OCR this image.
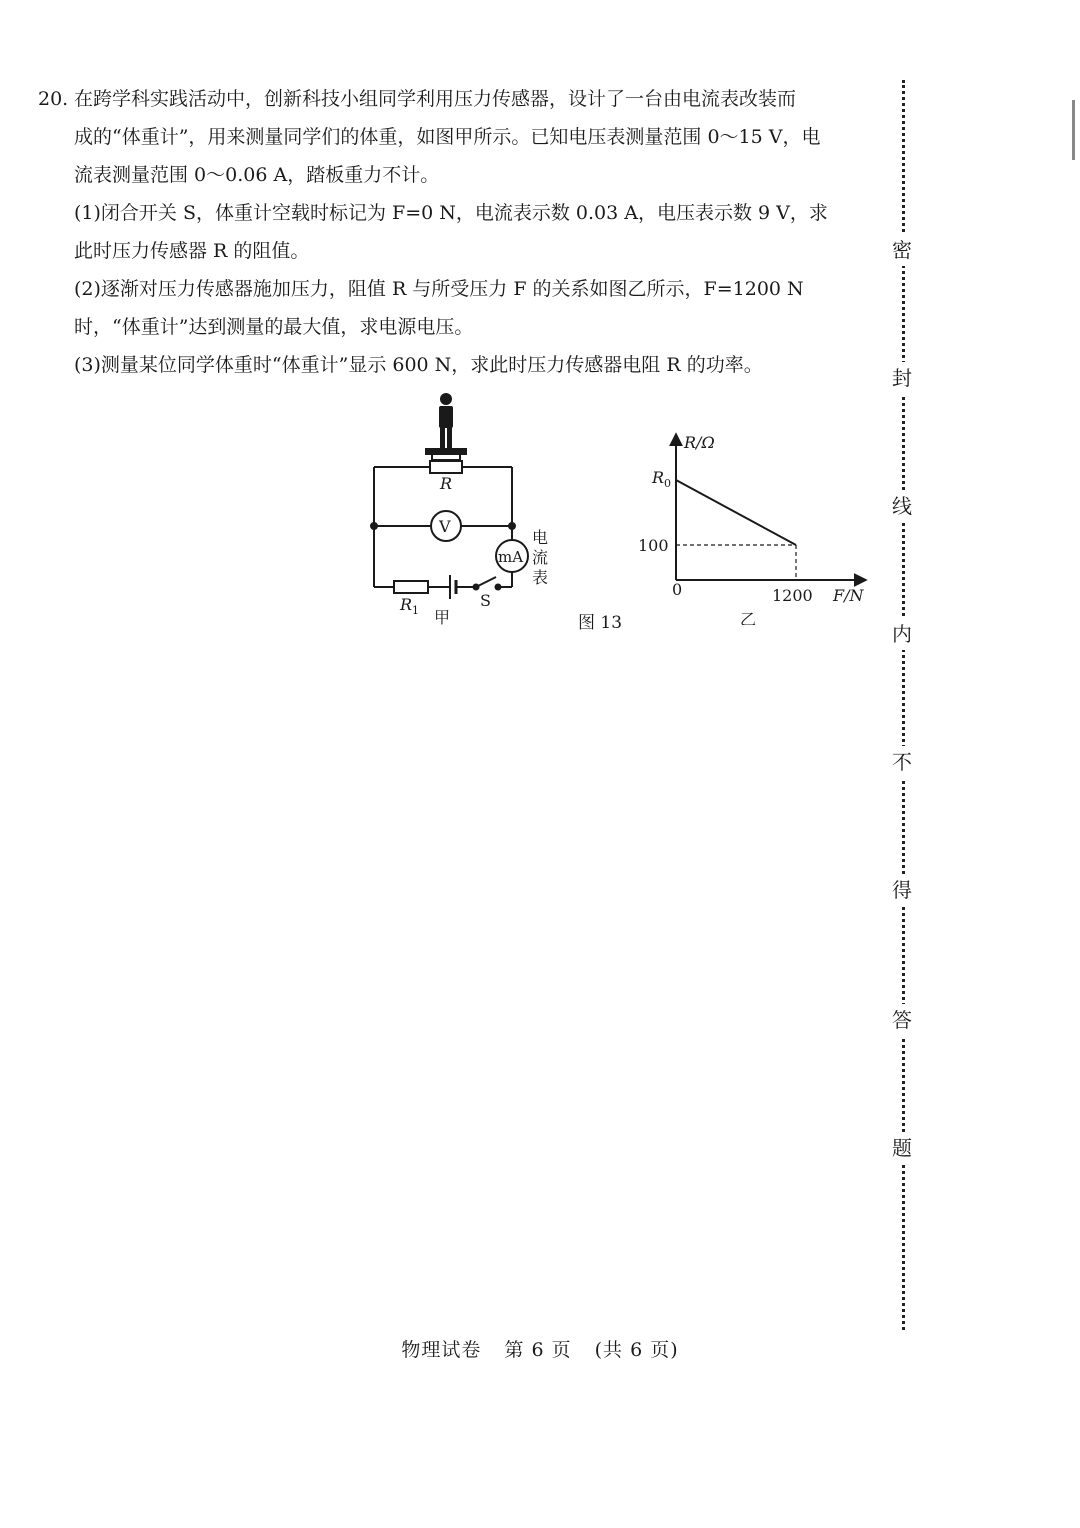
20. 在跨学科实践活动中，创新科技小组同学利用压力传感器，设计了一台由电流表改装而
成的“体重计”，用来测量同学们的体重，如图甲所示。已知电压表测量范围 0～15 V，电
流表测量范围 0～0.06 A，踏板重力不计。
(1)闭合开关 S，体重计空载时标记为 F=0 N，电流表示数 0.03 A，电压表示数 9 V，求
此时压力传感器 R 的阻值。
(2)逐渐对压力传感器施加压力，阻值 R 与所受压力 F 的关系如图乙所示，F=1200 N
时，“体重计”达到测量的最大值，求电源电压。
(3)测量某位同学体重时“体重计”显示 600 N，求此时压力传感器电阻 R 的功率。
R
V
mA
电
流
表
$R_1$
S
甲
R/Ω
$R_0$
100
0	1200 F/N
乙
图 13
密
封
线
内
不
得
答
题
物理试卷 第 6 页 (共 6 页)
